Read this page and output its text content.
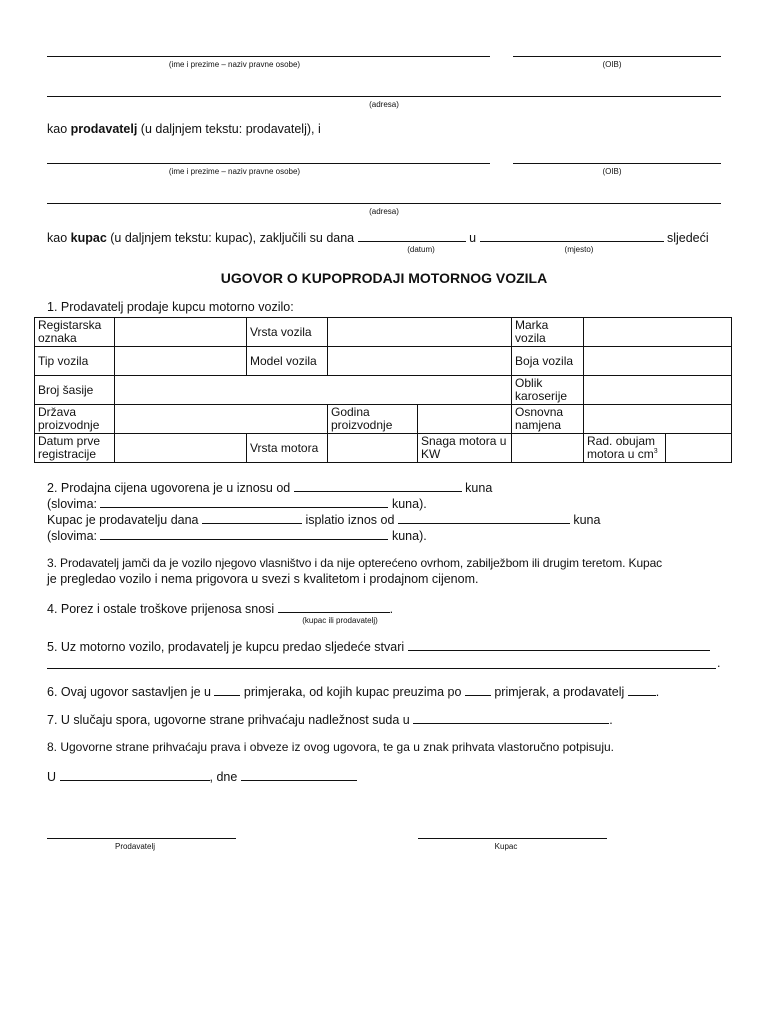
(ime i prezime – naziv pravne osobe)	(OIB)
(adresa)
kao prodavatelj (u daljnjem tekstu: prodavatelj), i
(ime i prezime – naziv pravne osobe)	(OIB)
(adresa)
kao kupac (u daljnjem tekstu: kupac), zaključili su dana	u	sljedeći
(datum)	(mjesto)
UGOVOR O KUPOPRODAJI MOTORNOG VOZILA
1. Prodavatelj prodaje kupcu motorno vozilo:
Registarska oznaka		Vrsta vozila			Marka vozila		
Tip vozila		Model vozila			Boja vozila		
Broj šasije					Oblik karoserije		
Država proizvodnje			Godina proizvodnje		Osnovna namjena		
Datum prve registracije		Vrsta motora		Snaga motora u KW		Rad. obujam motora u $cm^3$	
2. Prodajna cijena ugovorena je u iznosu od	kuna
(slovima:	kuna).
Kupac je prodavatelju dana	isplatio iznos od	kuna
(slovima:	kuna).
3. Prodavatelj jamči da je vozilo njegovo vlasništvo i da nije opterećeno ovrhom, zabilježbom ili drugim teretom. Kupac
je pregledao vozilo i nema prigovora u svezi s kvalitetom i prodajnom cijenom.
4. Porez i ostale troškove prijenosa snosi	.
(kupac ili prodavatelj)
5. Uz motorno vozilo, prodavatelj je kupcu predao sljedeće stvari
.
6. Ovaj ugovor sastavljen je u  primjeraka, od kojih kupac preuzima po  primjerak, a prodavatelj .
7. U slučaju spora, ugovorne strane prihvaćaju nadležnost suda u	.
8. Ugovorne strane prihvaćaju prava i obveze iz ovog ugovora, te ga u znak prihvata vlastoručno potpisuju.
U	, dne
Prodavatelj	Kupac
